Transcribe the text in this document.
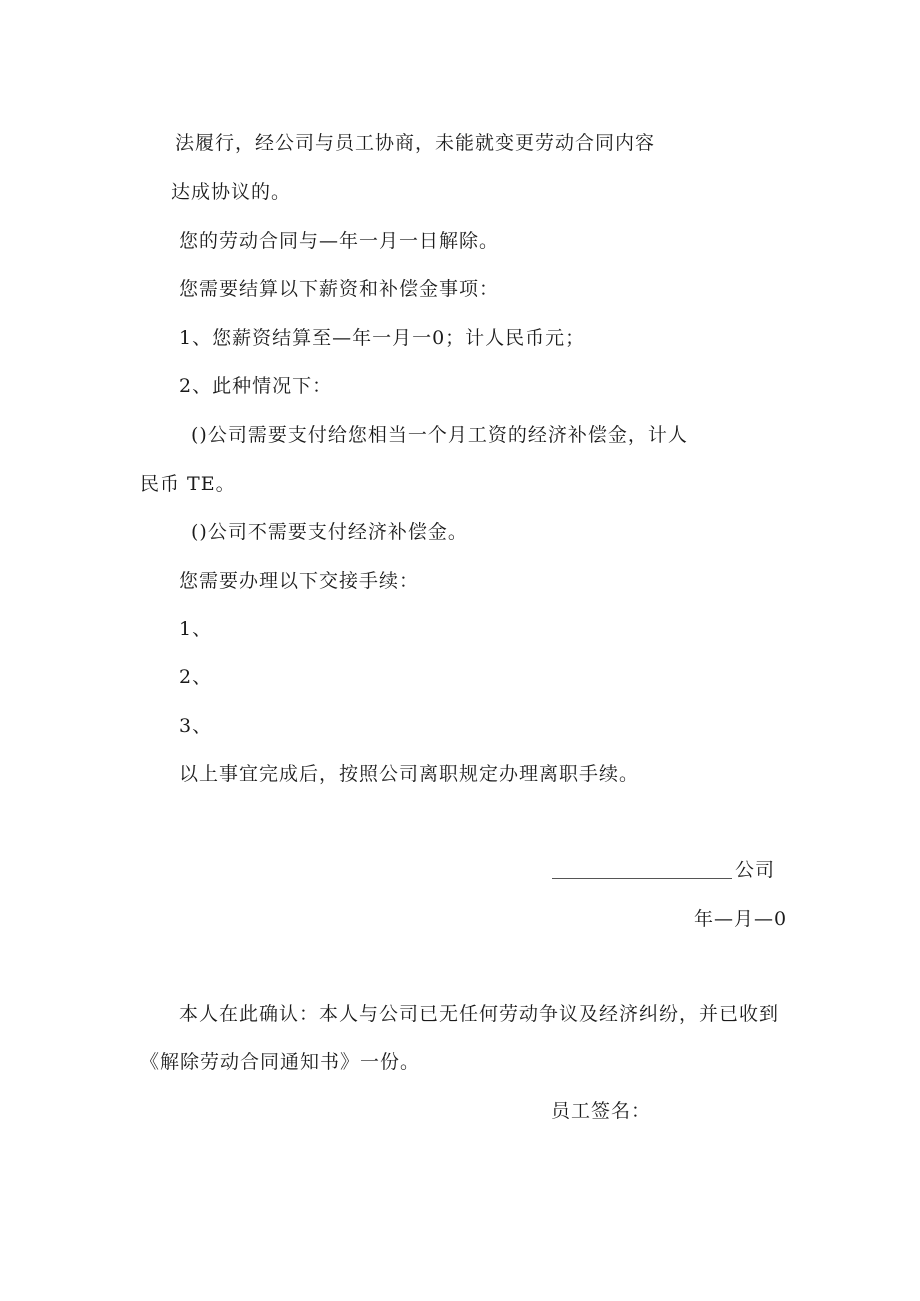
法履行，经公司与员工协商，未能就变更劳动合同内容
达成协议的。
您的劳动合同与—年一月一日解除。
您需要结算以下薪资和补偿金事项：
1、您薪资结算至—年一月一0；计人民币元；
2、此种情况下：
()公司需要支付给您相当一个月工资的经济补偿金，计人
民币 TE。
()公司不需要支付经济补偿金。
您需要办理以下交接手续：
1、
2、
3、
以上事宜完成后，按照公司离职规定办理离职手续。
公司
年—月—0
本人在此确认：本人与公司已无任何劳动争议及经济纠纷，并已收到
《解除劳动合同通知书》一份。
员工签名：
